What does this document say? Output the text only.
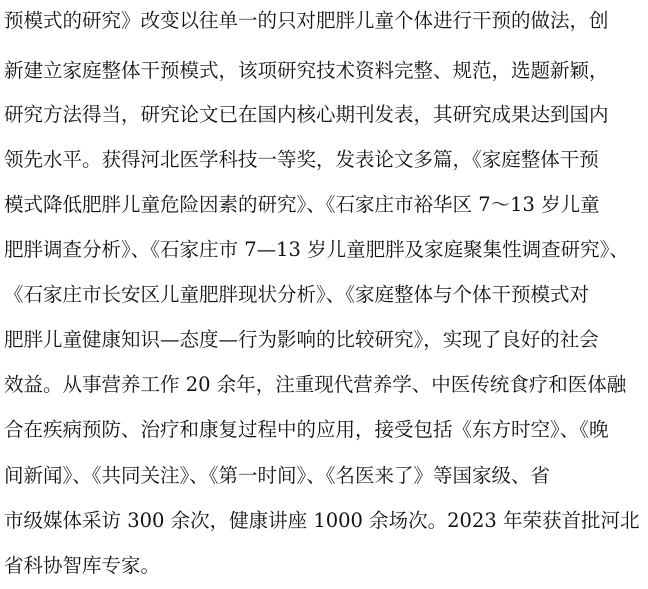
预模式的研究》改变以往单一的只对肥胖儿童个体进行干预的做法，创
新建立家庭整体干预模式，该项研究技术资料完整、规范，选题新颖，
研究方法得当，研究论文已在国内核心期刊发表，其研究成果达到国内
领先水平。获得河北医学科技一等奖，发表论文多篇，《家庭整体干预
模式降低肥胖儿童危险因素的研究》、《石家庄市裕华区 7～13 岁儿童
肥胖调查分析》、《石家庄市 7—13 岁儿童肥胖及家庭聚集性调查研究》、
《石家庄市长安区儿童肥胖现状分析》、《家庭整体与个体干预模式对
肥胖儿童健康知识—态度—行为影响的比较研究》，实现了良好的社会
效益。从事营养工作 20 余年，注重现代营养学、中医传统食疗和医体融
合在疾病预防、治疗和康复过程中的应用，接受包括《东方时空》、《晚
间新闻》、《共同关注》、《第一时间》、《名医来了》等国家级、省
市级媒体采访 300 余次，健康讲座 1000 余场次。2023 年荣获首批河北
省科协智库专家。
